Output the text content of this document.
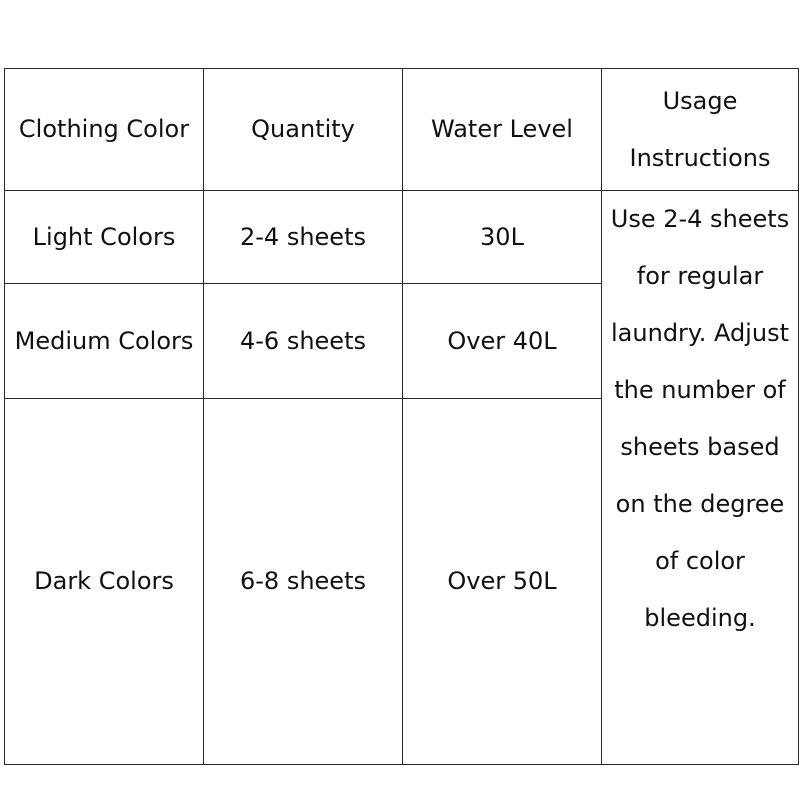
Clothing Color	Quantity	Water Level	Usage Instructions
Light Colors	2-4 sheets	30L	Use 2-4 sheets for regular laundry. Adjust the number of sheets based on the degree of color bleeding.
Medium Colors	4-6 sheets	Over 40L	
Dark Colors	6-8 sheets	Over 50L	
